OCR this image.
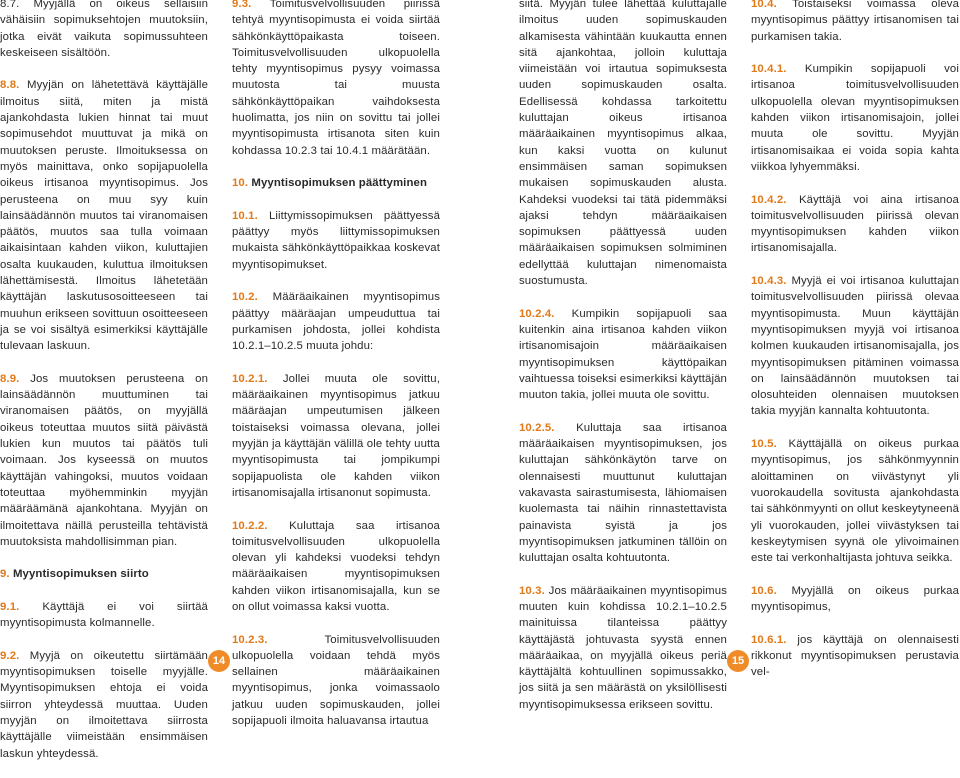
8.7. Myyjällä on oikeus sellaisiin vähäisiin sopimuksehtojen muutoksiin, jotka eivät vaikuta sopimussuhteen keskeiseen sisältöön.

8.8. Myyjän on lähetettävä käyttäjälle ilmoitus siitä, miten ja mistä ajankohdasta lukien hinnat tai muut sopimusehdot muuttuvat ja mikä on muutoksen peruste. Ilmoituksessa on myös mainittava, onko sopijapuolella oikeus irtisanoa myyntisopimus. Jos perusteena on muu syy kuin lainsäädännön muutos tai viranomaisen päätös, muutos saa tulla voimaan aikaisintaan kahden viikon, kuluttajien osalta kuukauden, kuluttua ilmoituksen lähettämisestä. Ilmoitus lähetetään käyttäjän laskutusosoitteeseen tai muuhun erikseen sovittuun osoitteeseen ja se voi sisältyä esimerkiksi käyttäjälle tulevaan laskuun.

8.9. Jos muutoksen perusteena on lainsäädännön muuttuminen tai viranomaisen päätös, on myyjällä oikeus toteuttaa muutos siitä päivästä lukien kun muutos tai päätös tuli voimaan. Jos kyseessä on muutos käyttäjän vahingoksi, muutos voidaan toteuttaa myöhemminkin myyjän määräämänä ajankohtana. Myyjän on ilmoitettava näillä perusteilla tehtävistä muutoksista mahdollisimman pian.

9. Myyntisopimuksen siirto

9.1. Käyttäjä ei voi siirtää myyntisopimusta kolmannelle.

9.2. Myyjä on oikeutettu siirtämään myyntisopimuksen toiselle myyjälle. Myyntisopimuksen ehtoja ei voida siirron yhteydessä muuttaa. Uuden myyjän on ilmoitettava siirrosta käyttäjälle viimeistään ensimmäisen laskun yhteydessä.

9.3. Toimitusvelvollisuuden piirissä tehtyä myyntisopimusta ei voida siirtää sähkönkäyttöpaikasta toiseen. Toimitusvelvollisuuden ulkopuolella tehty myyntisopimus pysyy voimassa muutosta tai muusta sähkönkäyttöpaikan vaihdoksesta huolimatta, jos niin on sovittu tai jollei myyntisopimusta irtisanota siten kuin kohdassa 10.2.3 tai 10.4.1 määrätään.

10. Myyntisopimuksen päättyminen

10.1. Liittymissopimuksen päättyessä päättyy myös liittymissopimuksen mukaista sähkönkäyttöpaikkaa koskevat myyntisopimukset.

10.2. Määräaikainen myyntisopimus päättyy määräajan umpeuduttua tai purkamisen johdosta, jollei kohdista 10.2.1–10.2.5 muuta johdu:

10.2.1. Jollei muuta ole sovittu, määräaikainen myyntisopimus jatkuu määräajan umpeutumisen jälkeen toistaiseksi voimassa olevana, jollei myyjän ja käyttäjän välillä ole tehty uutta myyntisopimusta tai jompikumpi sopijapuolista ole kahden viikon irtisanomisajalla irtisanonut sopimusta.

10.2.2. Kuluttaja saa irtisanoa toimitusvelvollisuuden ulkopuolella olevan yli kahdeksi vuodeksi tehdyn määräaikaisen myyntisopimuksen kahden viikon irtisanomisajalla, kun se on ollut voimassa kaksi vuotta.

10.2.3.	Toimitusvelvollisuuden ulkopuolella voidaan tehdä myös sellainen määräaikainen myyntisopimus, jonka voimassaolo jatkuu uuden sopimuskauden, jollei sopijapuoli ilmoita haluavansa irtautua

siitä. Myyjän tulee lähettää kuluttajalle ilmoitus uuden sopimuskauden alkamisesta vähintään kuukautta ennen sitä ajankohtaa, jolloin kuluttaja viimeistään voi irtautua sopimuksesta uuden sopimuskauden osalta. Edellisessä kohdassa tarkoitettu kuluttajan oikeus irtisanoa määräaikainen myyntisopimus alkaa, kun kaksi vuotta on kulunut ensimmäisen saman sopimuksen mukaisen sopimuskauden alusta. Kahdeksi vuodeksi tai tätä pidemmäksi ajaksi tehdyn määräaikaisen sopimuksen päättyessä uuden määräaikaisen sopimuksen solmiminen edellyttää kuluttajan nimenomaista suostumusta.

10.2.4. Kumpikin sopijapuoli saa kuitenkin aina irtisanoa kahden viikon irtisanomisajoin määräaikaisen myyntisopimuksen käyttöpaikan vaihtuessa toiseksi esimerkiksi käyttäjän muuton takia, jollei muuta ole sovittu.

10.2.5. Kuluttaja saa irtisanoa määräaikaisen myyntisopimuksen, jos kuluttajan sähkönkäytön tarve on olennaisesti muuttunut kuluttajan vakavasta sairastumisesta, lähiomaisen kuolemasta tai näihin rinnastettavista painavista syistä ja jos myyntisopimuksen jatkuminen tällöin on kuluttajan osalta kohtuutonta.

10.3. Jos määräaikainen myyntisopimus muuten kuin kohdissa 10.2.1–10.2.5 mainituissa tilanteissa päättyy käyttäjästä johtuvasta syystä ennen määräaikaa, on myyjällä oikeus periä käyttäjältä kohtuullinen sopimussakko, jos siitä ja sen määrästä on yksilöllisesti myyntisopimuksessa erikseen sovittu.

10.4. Toistaiseksi voimassa oleva myyntisopimus päättyy irtisanomisen tai purkamisen takia.

10.4.1. Kumpikin sopijapuoli voi irtisanoa toimitusvelvollisuuden ulkopuolella olevan myyntisopimuksen kahden viikon irtisanomisajoin, jollei muuta ole sovittu. Myyjän irtisanomisaikaa ei voida sopia kahta viikkoa lyhyemmäksi.

10.4.2. Käyttäjä voi aina irtisanoa toimitusvelvollisuuden piirissä olevan myyntisopimuksen kahden viikon irtisanomisajalla.

10.4.3. Myyjä ei voi irtisanoa kuluttajan toimitusvelvollisuuden piirissä olevaa myyntisopimusta. Muun käyttäjän myyntisopimuksen myyjä voi irtisanoa kolmen kuukauden irtisanomisajalla, jos myyntisopimuksen pitäminen voimassa on lainsäädännön muutoksen tai olosuhteiden olennaisen muutoksen takia myyjän kannalta kohtuutonta.

10.5. Käyttäjällä on oikeus purkaa myyntisopimus, jos sähkönmyynnin aloittaminen on viivästynyt yli vuorokaudella sovitusta ajankohdasta tai sähkönmyynti on ollut keskeytyneenä yli vuorokauden, jollei viivästyksen tai keskeytymisen syynä ole ylivoimainen este tai verkonhaltijasta johtuva seikka.

10.6. Myyjällä on oikeus purkaa myyntisopimus,

10.6.1. jos käyttäjä on olennaisesti rikkonut myyntisopimuksen perustavia vel-

14	15
